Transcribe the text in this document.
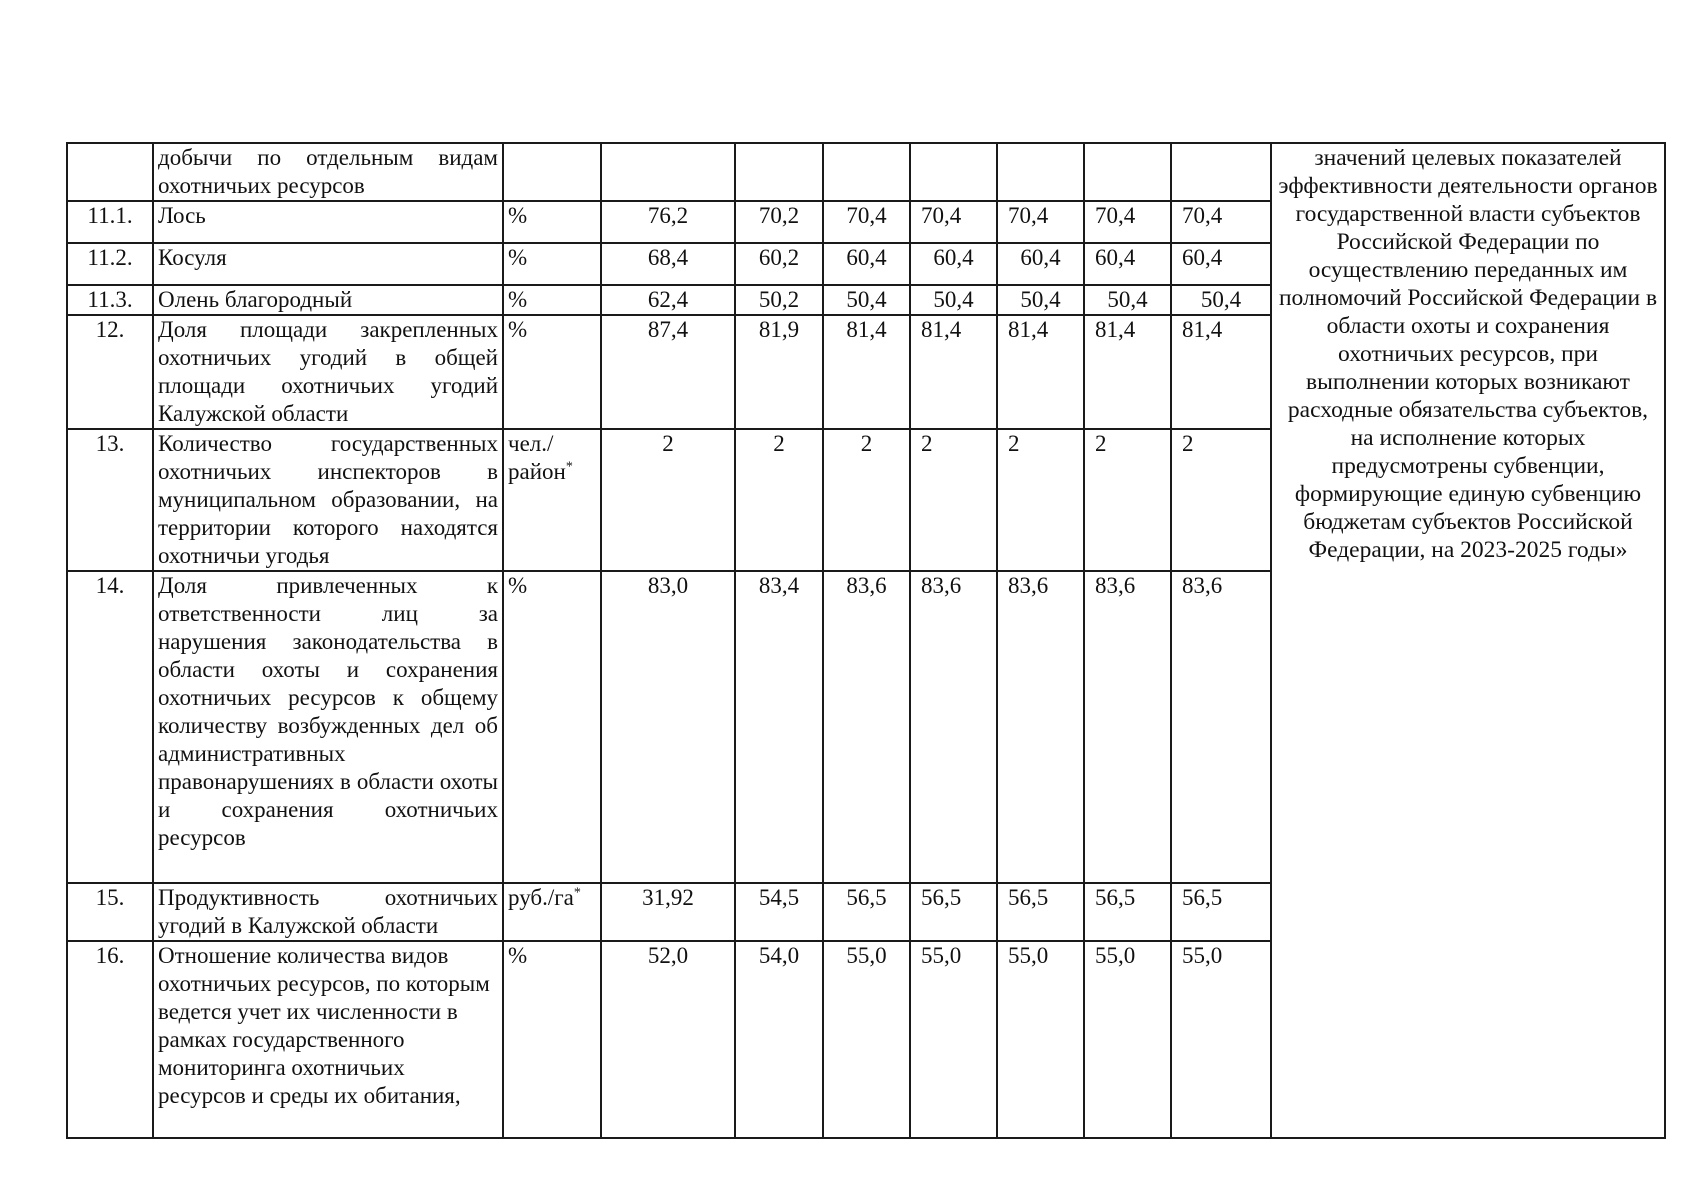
	добычи по отдельным видам охотничьих ресурсов									значений целевых показателей эффективности деятельности органов государственной власти субъектов Российской Федерации по осуществлению переданных им полномочий Российской Федерации в области охоты и сохранения охотничьих ресурсов, при выполнении которых возникают расходные обязательства субъектов, на исполнение которых предусмотрены субвенции, формирующие единую субвенцию бюджетам субъектов Российской Федерации, на 2023-2025 годы»
11.1.	Лось	%	76,2	70,2	70,4	70,4	70,4	70,4	70,4	
11.2.	Косуля	%	68,4	60,2	60,4	60,4	60,4	60,4	60,4	
11.3.	Олень благородный	%	62,4	50,2	50,4	50,4	50,4	50,4	50,4	
12.	Доля площади закрепленных охотничьих угодий в общей площади охотничьих угодий Калужской области	%	87,4	81,9	81,4	81,4	81,4	81,4	81,4	
13.	Количество государственных охотничьих инспекторов в муниципальном образовании, на территории которого находятся охотничьи угодья	чел./район*	2	2	2	2	2	2	2	
14.	Доля привлеченных к ответственности лиц за нарушения законодательства в области охоты и сохранения охотничьих ресурсов к общему количеству возбужденных дел об административных правонарушениях в области охоты и сохранения охотничьих ресурсов	%	83,0	83,4	83,6	83,6	83,6	83,6	83,6	
15.	Продуктивность охотничьих угодий в Калужской области	руб./га*	31,92	54,5	56,5	56,5	56,5	56,5	56,5	
16.	Отношение количества видов охотничьих ресурсов, по которым ведется учет их численности в рамках государственного мониторинга охотничьих ресурсов и среды их обитания,	%	52,0	54,0	55,0	55,0	55,0	55,0	55,0	
